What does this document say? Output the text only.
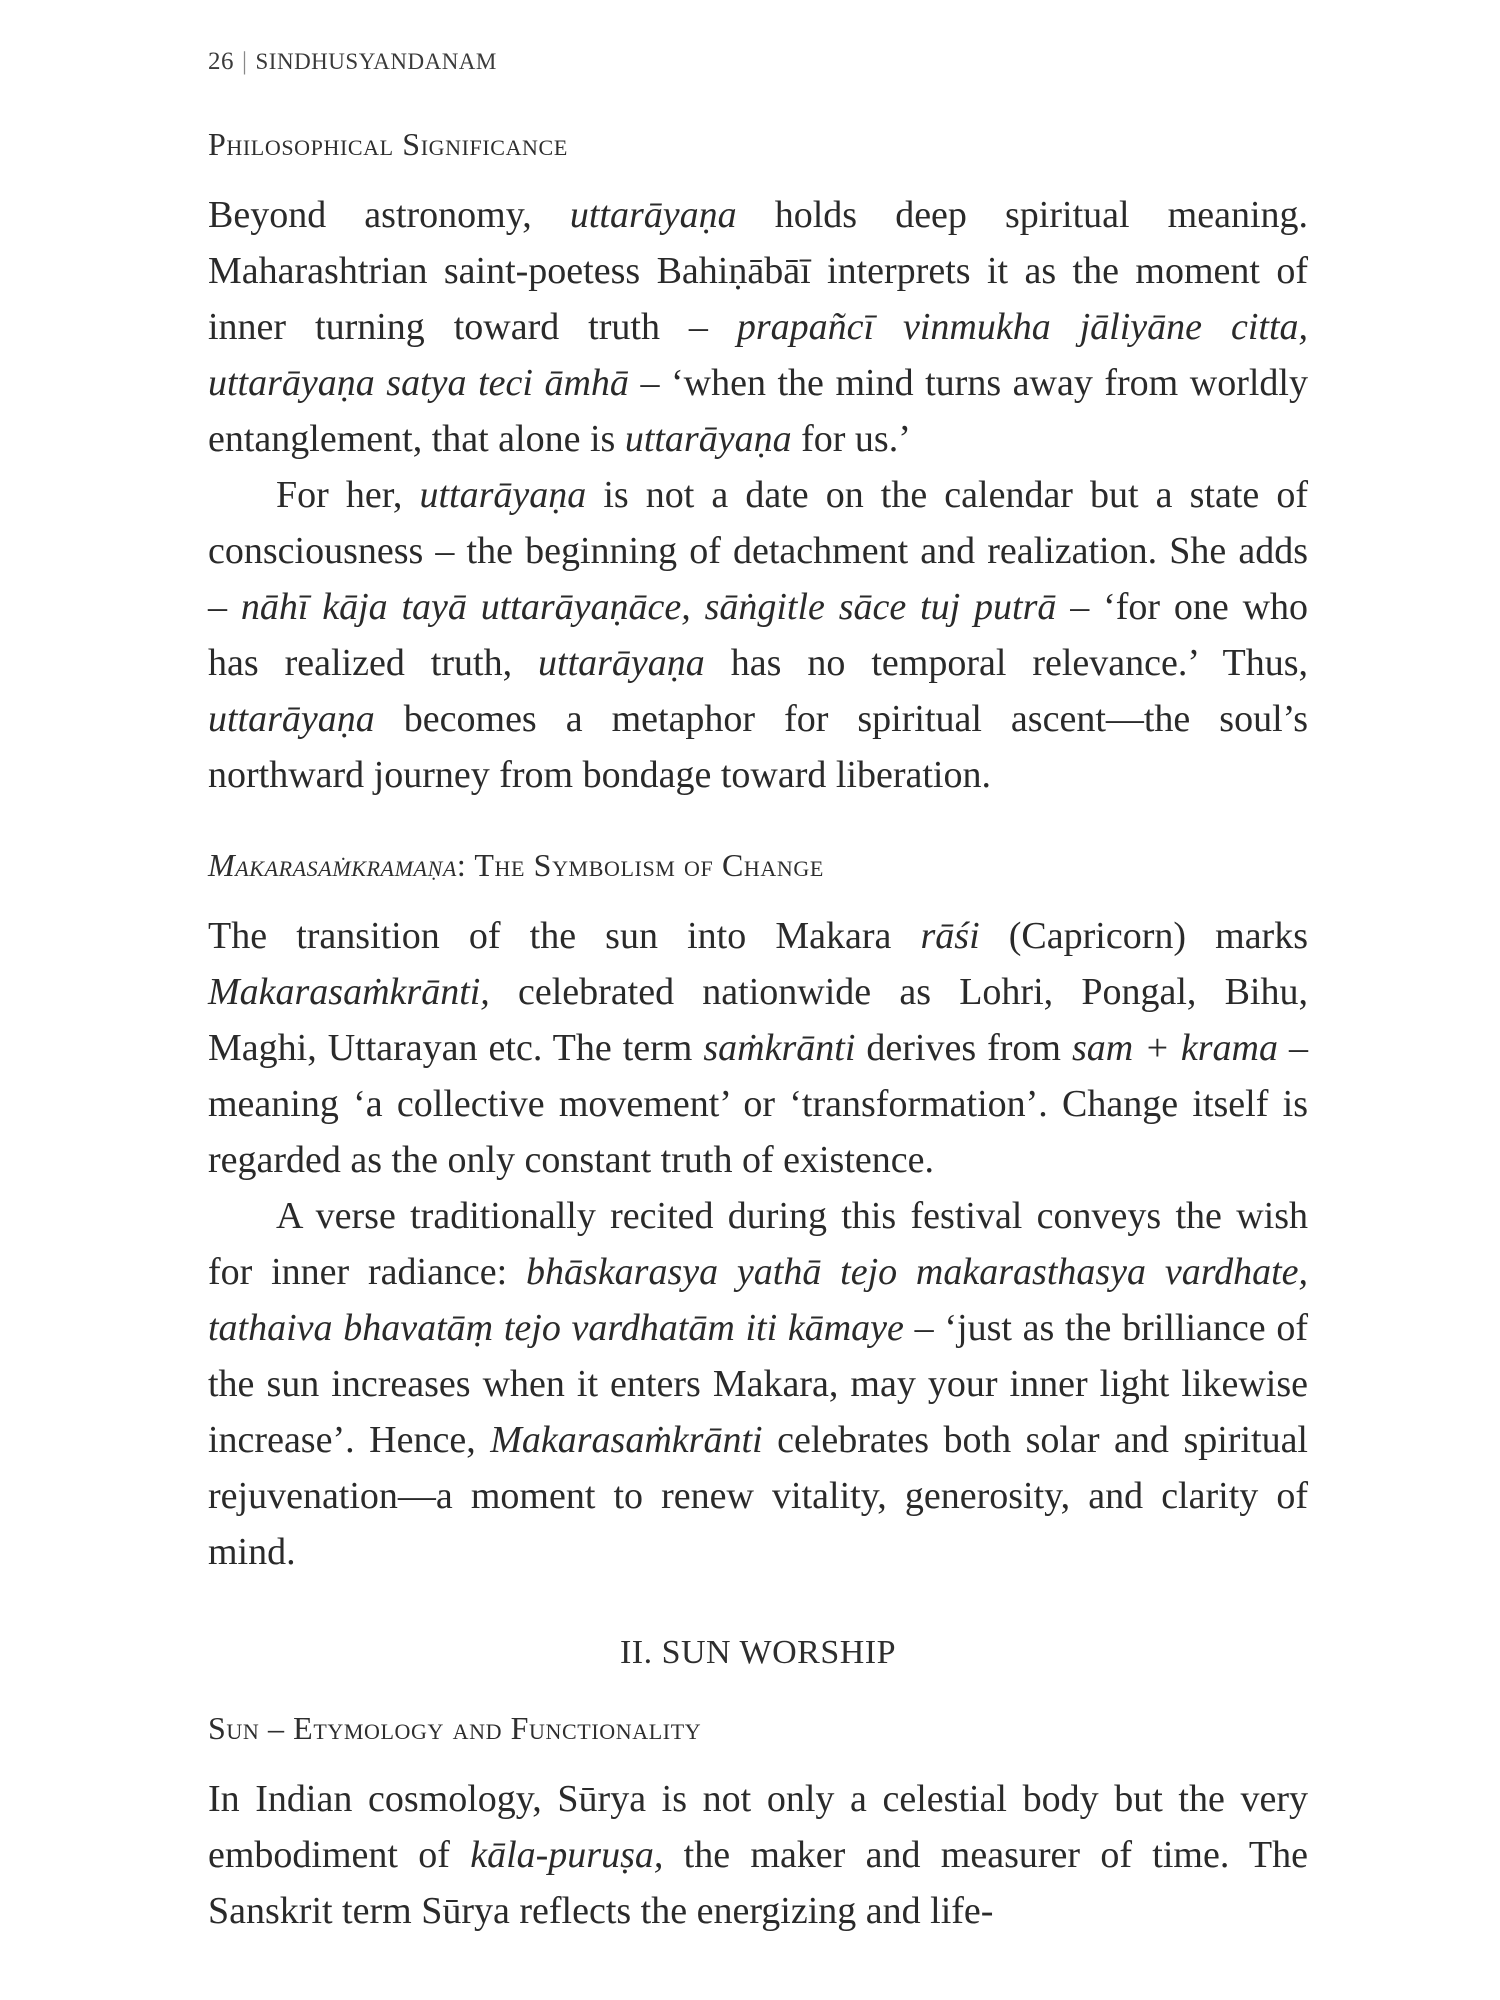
26 | SINDHUSYANDANAM
Philosophical Significance

Beyond astronomy, uttarāyaṇa holds deep spiritual meaning. Maharashtrian saint-poetess Bahiṇābāī interprets it as the moment of inner turning toward truth – prapañcī vinmukha jāliyāne citta, uttarāyaṇa satya teci āmhā – ‘when the mind turns away from worldly entanglement, that alone is uttarāyaṇa for us.’

For her, uttarāyaṇa is not a date on the calendar but a state of consciousness – the beginning of detachment and realization. She adds – nāhī kāja tayā uttarāyaṇāce, sāṅgitle sāce tuj putrā – ‘for one who has realized truth, uttarāyaṇa has no temporal relevance.’ Thus, uttarāyaṇa becomes a metaphor for spiritual ascent—the soul’s northward journey from bondage toward liberation.

Makarasaṁkramaṇa: The Symbolism of Change

The transition of the sun into Makara rāśi (Capricorn) marks Makarasaṁkrānti, celebrated nationwide as Lohri, Pongal, Bihu, Maghi, Uttarayan etc. The term saṁkrānti derives from sam + krama – meaning ‘a collective movement’ or ‘transformation’. Change itself is regarded as the only constant truth of existence.

A verse traditionally recited during this festival conveys the wish for inner radiance: bhāskarasya yathā tejo makarasthasya vardhate, tathaiva bhavatāṃ tejo vardhatām iti kāmaye – ‘just as the brilliance of the sun increases when it enters Makara, may your inner light likewise increase’. Hence, Makarasaṁkrānti celebrates both solar and spiritual rejuvenation—a moment to renew vitality, generosity, and clarity of mind.

II. SUN WORSHIP
Sun – Etymology and Functionality

In Indian cosmology, Sūrya is not only a celestial body but the very embodiment of kāla-puruṣa, the maker and measurer of time. The Sanskrit term Sūrya reflects the energizing and life-
